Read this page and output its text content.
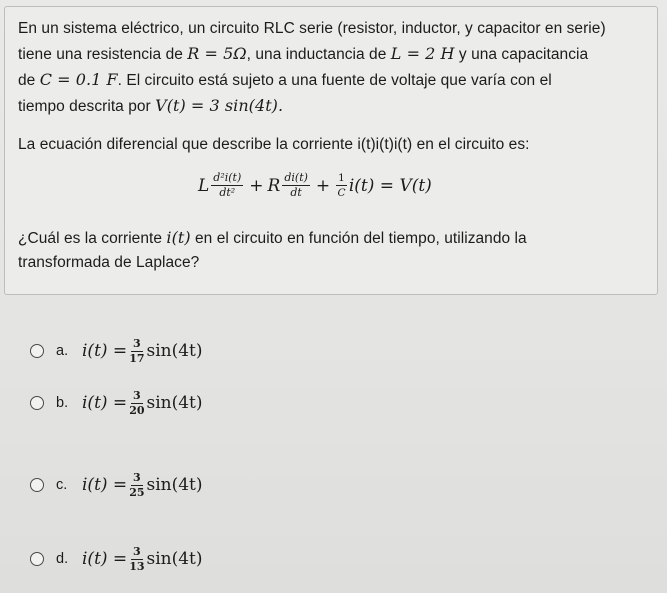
En un sistema eléctrico, un circuito RLC serie (resistor, inductor, y capacitor en serie)
tiene una resistencia de R = 5Ω, una inductancia de L = 2 H y una capacitancia
de C = 0.1 F. El circuito está sujeto a una fuente de voltaje que varía con el
tiempo descrita por V(t) = 3 sin(4t).
La ecuación diferencial que describe la corriente i(t)i(t)i(t) en el circuito es:
L $\frac{\text{d²i(t)}}{\text{dt²}} + R \frac{di(t)}{dt} + \frac{1}{C} i(t) = V(t)$
¿Cuál es la corriente i(t) en el circuito en función del tiempo, utilizando la
transformada de Laplace?
a. $i(t) = \frac{3}{17} \sin(4t)$
b. $i(t) = \frac{3}{20} \sin(4t)$
c. $i(t) = \frac{3}{25} \sin(4t)$
d. $i(t) = \frac{3}{13} \sin(4t)$
